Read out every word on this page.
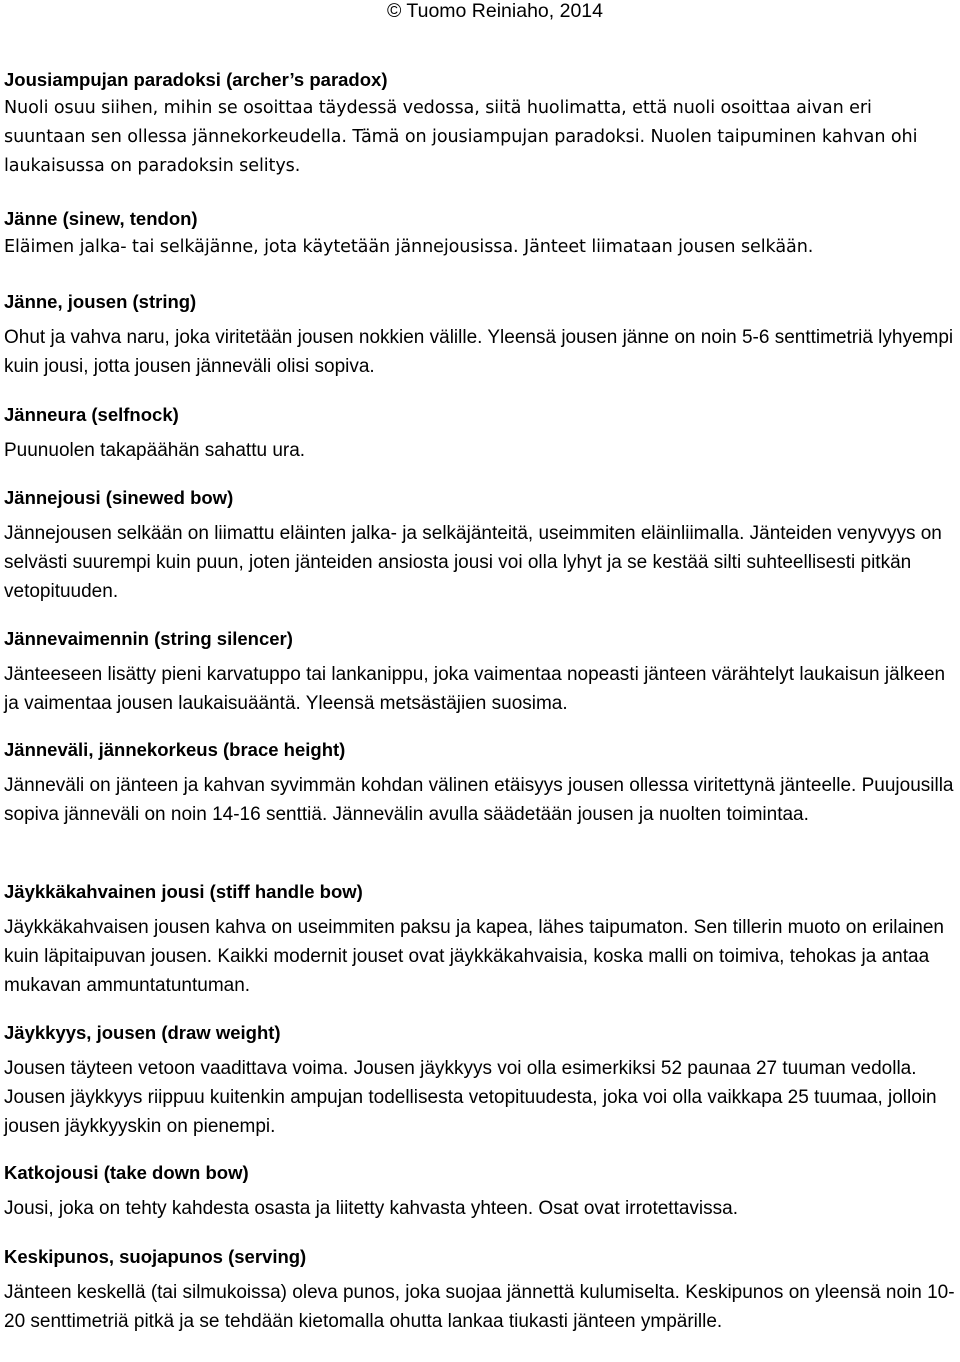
© Tuomo Reiniaho, 2014
Jousiampujan paradoksi (archer’s paradox)

Nuoli osuu siihen, mihin se osoittaa täydessä vedossa, siitä huolimatta, että nuoli osoittaa aivan eri suuntaan sen ollessa jännekorkeudella. Tämä on jousiampujan paradoksi. Nuolen taipuminen kahvan ohi laukaisussa on paradoksin selitys.

Jänne (sinew, tendon)

Eläimen jalka- tai selkäjänne, jota käytetään jännejousissa. Jänteet liimataan jousen selkään.

Jänne, jousen (string)

Ohut ja vahva naru, joka viritetään jousen nokkien välille. Yleensä jousen jänne on noin 5-6 senttimetriä lyhyempi kuin jousi, jotta jousen jänneväli olisi sopiva.

Jänneura (selfnock)

Puunuolen takapäähän sahattu ura.

Jännejousi (sinewed bow)

Jännejousen selkään on liimattu eläinten jalka- ja selkäjänteitä, useimmiten eläinliimalla. Jänteiden venyvyys on selvästi suurempi kuin puun, joten jänteiden ansiosta jousi voi olla lyhyt ja se kestää silti suhteellisesti pitkän vetopituuden.

Jännevaimennin (string silencer)

Jänteeseen lisätty pieni karvatuppo tai lankanippu, joka vaimentaa nopeasti jänteen värähtelyt laukaisun jälkeen ja vaimentaa jousen laukaisuääntä. Yleensä metsästäjien suosima.

Jänneväli, jännekorkeus (brace height)

Jänneväli on jänteen ja kahvan syvimmän kohdan välinen etäisyys jousen ollessa viritettynä jänteelle. Puujousilla sopiva jänneväli on noin 14-16 senttiä. Jännevälin avulla säädetään jousen ja nuolten toimintaa.

Jäykkäkahvainen jousi (stiff handle bow)

Jäykkäkahvaisen jousen kahva on useimmiten paksu ja kapea, lähes taipumaton. Sen tillerin muoto on erilainen kuin läpitaipuvan jousen. Kaikki modernit jouset ovat jäykkäkahvaisia, koska malli on toimiva, tehokas ja antaa mukavan ammuntatuntuman.

Jäykkyys, jousen (draw weight)

Jousen täyteen vetoon vaadittava voima. Jousen jäykkyys voi olla esimerkiksi 52 paunaa 27 tuuman vedolla. Jousen jäykkyys riippuu kuitenkin ampujan todellisesta vetopituudesta, joka voi olla vaikkapa 25 tuumaa, jolloin jousen jäykkyyskin on pienempi.

Katkojousi (take down bow)

Jousi, joka on tehty kahdesta osasta ja liitetty kahvasta yhteen. Osat ovat irrotettavissa.

Keskipunos, suojapunos (serving)

Jänteen keskellä (tai silmukoissa) oleva punos, joka suojaa jännettä kulumiselta. Keskipunos on yleensä noin 10-20 senttimetriä pitkä ja se tehdään kietomalla ohutta lankaa tiukasti jänteen ympärille.
